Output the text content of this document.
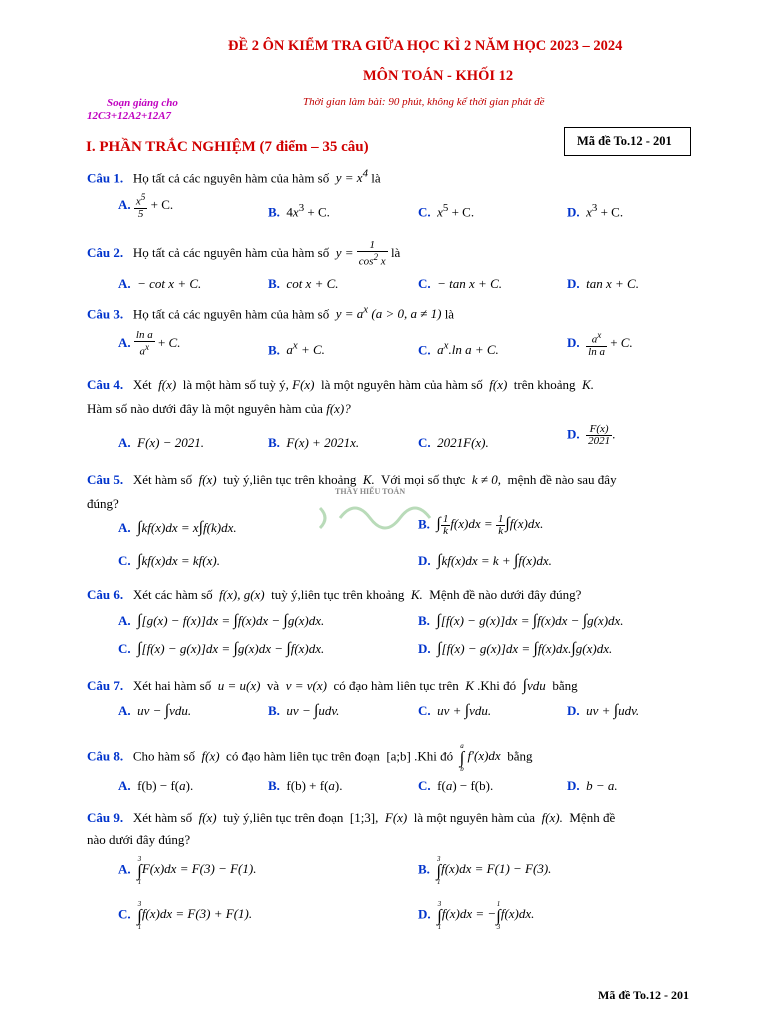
ĐỀ 2 ÔN KIỂM TRA GIỮA HỌC KÌ 2 NĂM HỌC 2023 – 2024
MÔN TOÁN - KHỐI 12
Soạn giảng cho
12C3+12A2+12A7
Thời gian làm bài: 90 phút, không kể thời gian phát đề
Mã đề To.12 - 201
I. PHẦN TRẮC NGHIỆM (7 điểm – 35 câu)
THẦY HIẾU TOÁN
Câu 1. Họ tất cả các nguyên hàm của hàm số  $y = x^4$ là
A. $\frac{x^5}{5} + C$.
B.  $4x^3 + C$.	C. $x^5 + C$.	D. $x^3 + C$.
Câu 2. Họ tất cả các nguyên hàm của hàm số  $y = \frac{1}{\cos^2 x}$ là
A. − cot x + C.	B. cot x + C.	C. − tan x + C.	D. tan x + C.
Câu 3. Họ tất cả các nguyên hàm của hàm số  $y = a^x$ (a > 0, a ≠ 1) là
A. $\frac{\text{ln a}}{a^x} + C$.
B. $a^x + C$.	C. $a^x.\ln$ a + C.
D. $\frac{a^x}{\text{ln a}} + C$.
Câu 4. Xét  f(x)  là một hàm số tuỳ ý, F(x)  là một nguyên hàm của hàm số  f(x)  trên khoảng  K.
Hàm số nào dưới đây là một nguyên hàm của f(x)?
A. F(x) − 2021.	B. F(x) + 2021x.	C. 2021F(x).
D. $\frac{F(x)}{2021}$ .
Câu 5. Xét hàm số  f(x)  tuỳ ý,liên tục trên khoảng  K.  Với mọi số thực  k ≠ 0,  mệnh đề nào sau đây
đúng?
A. ∫kf(x)dx = x∫f(k)dx.	B. ∫ $\frac{1}{k} f(x)dx = \frac{1}{k} \int f(x)dx$.
C. ∫kf(x)dx = kf(x).	D. ∫kf(x)dx = k + ∫f(x)dx.
Câu 6. Xét các hàm số  f(x), g(x)  tuỳ ý,liên tục trên khoảng  K.  Mệnh đề nào dưới đây đúng?
A. ∫[g(x) − f(x)]dx = ∫f(x)dx − ∫g(x)dx.	B. ∫[f(x) − g(x)]dx = ∫f(x)dx − ∫g(x)dx.
C. ∫[f(x) − g(x)]dx = ∫g(x)dx − ∫f(x)dx.	D. ∫[f(x) − g(x)]dx = ∫f(x)dx.∫g(x)dx.
Câu 7. Xét hai hàm số  u = u(x)  và  v = v(x)  có đạo hàm liên tục trên  K .Khi đó ∫vdu  bằng
A. uv − ∫vdu.	B. uv − ∫udv.	C. uv + ∫vdu.	D. uv + ∫udv.
Câu 8. Cho hàm số  f(x)  có đạo hàm liên tục trên đoạn  [a;b] .Khi đó
a
∫
b
f′(x)dx  bằng
A.  f(b) − f(a).	B.  f(b) + f(a).	C.  f(a) − f(b).	D. b − a.
Câu 9. Xét hàm số  f(x)  tuỳ ý,liên tục trên đoạn  [1;3],  F(x)  là một nguyên hàm của  f(x).  Mệnh đề
nào dưới đây đúng?
A.
3
∫
1
F(x)dx = F(3) − F(1).	B.
3
∫
1
f(x)dx = F(1) − F(3).
C.
3
∫
1
f(x)dx = F(3) + F(1).	D.
3
∫
1
f(x)dx = −
1
∫
3
f(x)dx.
Mã đề To.12 - 201
